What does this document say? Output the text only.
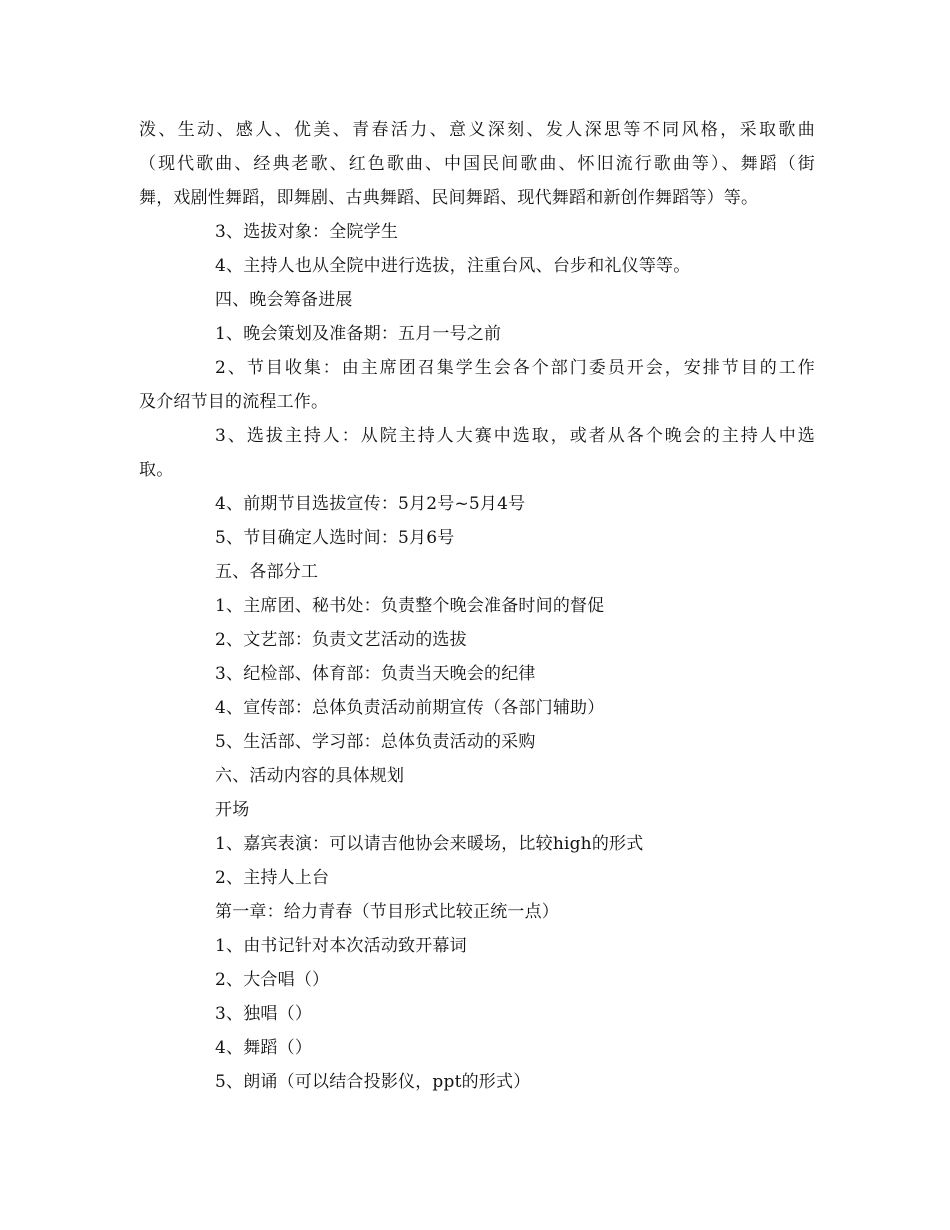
泼、生动、感人、优美、青春活力、意义深刻、发人深思等不同风格，采取歌曲
（现代歌曲、经典老歌、红色歌曲、中国民间歌曲、怀旧流行歌曲等）、舞蹈（街
舞，戏剧性舞蹈，即舞剧、古典舞蹈、民间舞蹈、现代舞蹈和新创作舞蹈等）等。
3、选拔对象：全院学生
4、主持人也从全院中进行选拔，注重台风、台步和礼仪等等。
四、晚会筹备进展
1、晚会策划及准备期：五月一号之前
2、节目收集：由主席团召集学生会各个部门委员开会，安排节目的工作
及介绍节目的流程工作。
3、选拔主持人：从院主持人大赛中选取，或者从各个晚会的主持人中选
取。
4、前期节目选拔宣传：5月2号~5月4号
5、节目确定人选时间：5月6号
五、各部分工
1、主席团、秘书处：负责整个晚会准备时间的督促
2、文艺部：负责文艺活动的选拔
3、纪检部、体育部：负责当天晚会的纪律
4、宣传部：总体负责活动前期宣传（各部门辅助）
5、生活部、学习部：总体负责活动的采购
六、活动内容的具体规划
开场
1、嘉宾表演：可以请吉他协会来暖场，比较high的形式
2、主持人上台
第一章：给力青春（节目形式比较正统一点）
1、由书记针对本次活动致开幕词
2、大合唱（）
3、独唱（）
4、舞蹈（）
5、朗诵（可以结合投影仪，ppt的形式）
